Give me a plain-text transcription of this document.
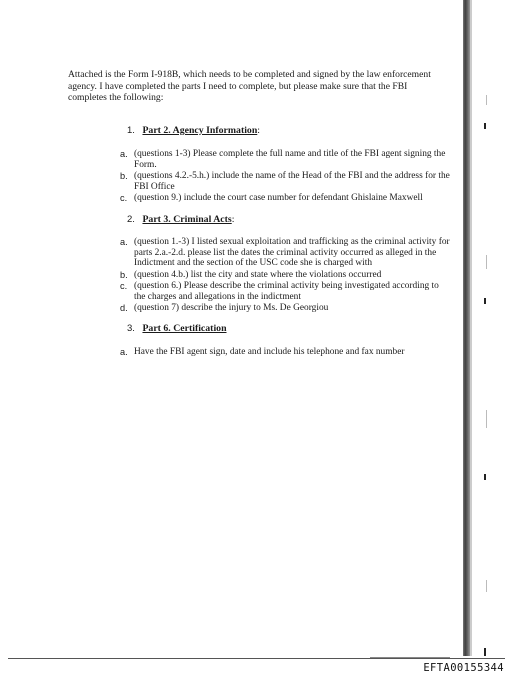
Attached is the Form I-918B, which needs to be completed and signed by the law enforcement agency. I have completed the parts I need to complete, but please make sure that the FBI completes the following:
1. Part 2. Agency Information:
a. (questions 1-3) Please complete the full name and title of the FBI agent signing the Form.
b. (questions 4.2.-5.h.) include the name of the Head of the FBI and the address for the FBI Office
c. (question 9.) include the court case number for defendant Ghislaine Maxwell
2. Part 3. Criminal Acts:
a. (question 1.-3) I listed sexual exploitation and trafficking as the criminal activity for parts 2.a.-2.d. please list the dates the criminal activity occurred as alleged in the Indictment and the section of the USC code she is charged with
b. (question 4.b.) list the city and state where the violations occurred
c. (question 6.) Please describe the criminal activity being investigated according to the charges and allegations in the indictment
d. (question 7) describe the injury to Ms. De Georgiou
3. Part 6. Certification
a. Have the FBI agent sign, date and include his telephone and fax number
EFTA00155344
